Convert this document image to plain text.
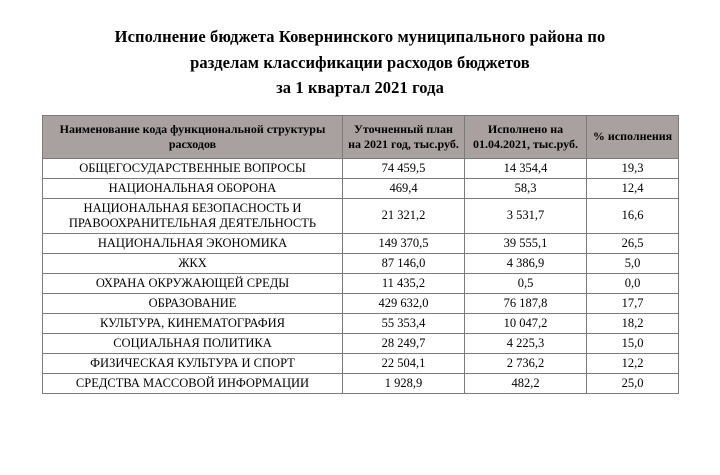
Исполнение бюджета Ковернинского муниципального района по
разделам классификации расходов бюджетов
за 1 квартал 2021 года
Наименование кода функциональной структуры расходов	Уточненный план на 2021 год, тыс.руб.	Исполнено на 01.04.2021, тыс.руб.	% исполнения
ОБЩЕГОСУДАРСТВЕННЫЕ ВОПРОСЫ	74 459,5	14 354,4	19,3
НАЦИОНАЛЬНАЯ ОБОРОНА	469,4	58,3	12,4
НАЦИОНАЛЬНАЯ БЕЗОПАСНОСТЬ И ПРАВООХРАНИТЕЛЬНАЯ ДЕЯТЕЛЬНОСТЬ	21 321,2	3 531,7	16,6
НАЦИОНАЛЬНАЯ ЭКОНОМИКА	149 370,5	39 555,1	26,5
ЖКХ	87 146,0	4 386,9	5,0
ОХРАНА ОКРУЖАЮЩЕЙ СРЕДЫ	11 435,2	0,5	0,0
ОБРАЗОВАНИЕ	429 632,0	76 187,8	17,7
КУЛЬТУРА, КИНЕМАТОГРАФИЯ	55 353,4	10 047,2	18,2
СОЦИАЛЬНАЯ ПОЛИТИКА	28 249,7	4 225,3	15,0
ФИЗИЧЕСКАЯ КУЛЬТУРА И СПОРТ	22 504,1	2 736,2	12,2
СРЕДСТВА МАССОВОЙ ИНФОРМАЦИИ	1 928,9	482,2	25,0
